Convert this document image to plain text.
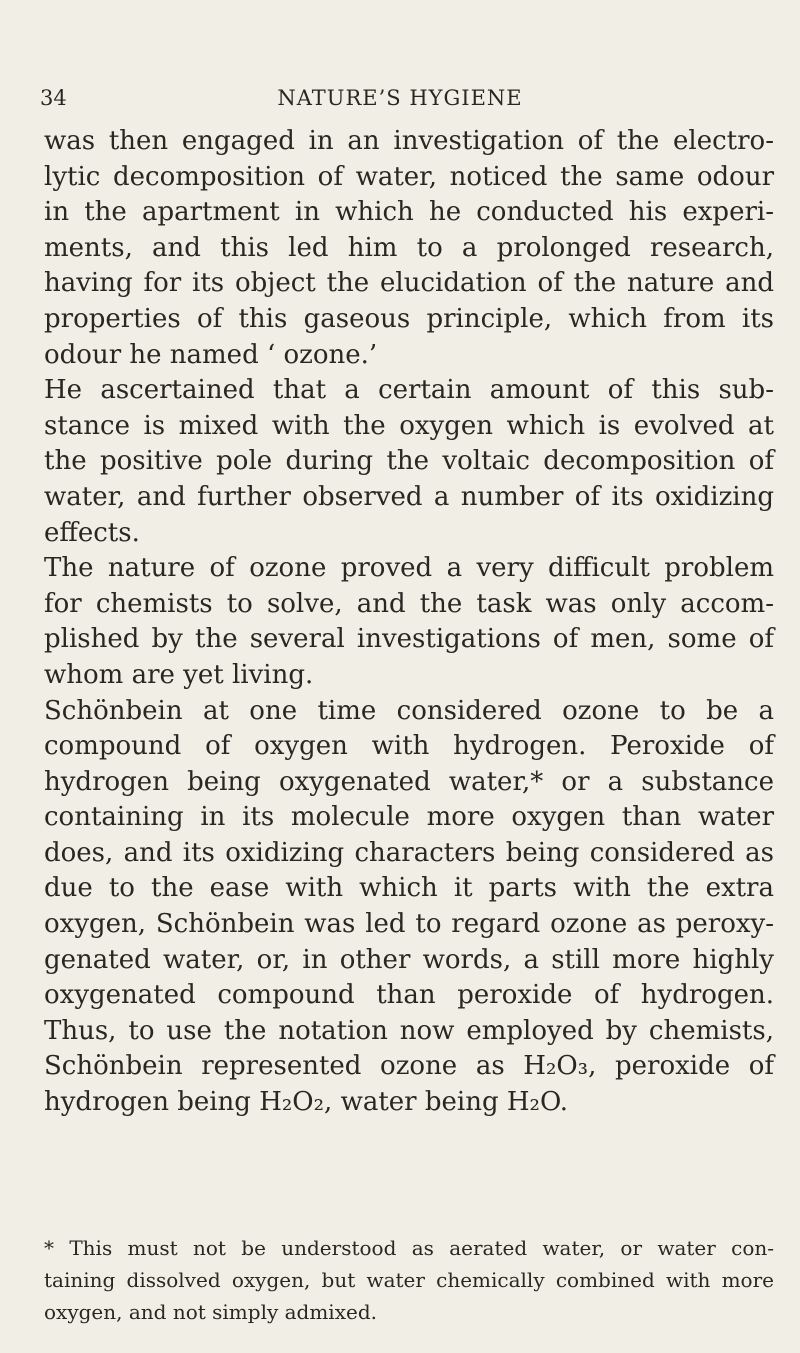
34	NATURE’S HYGIENE
was then engaged in an investigation of the electro-
lytic decomposition of water, noticed the same odour
in the apartment in which he conducted his experi-
ments, and this led him to a prolonged research,
having for its object the elucidation of the nature and
properties of this gaseous principle, which from its
odour he named ‘ ozone.’
He ascertained that a certain amount of this sub-
stance is mixed with the oxygen which is evolved at
the positive pole during the voltaic decomposition of
water, and further observed a number of its oxidizing
effects.
The nature of ozone proved a very difficult problem
for chemists to solve, and the task was only accom-
plished by the several investigations of men, some of
whom are yet living.
Schönbein at one time considered ozone to be a
compound of oxygen with hydrogen. Peroxide of
hydrogen being oxygenated water,* or a substance
containing in its molecule more oxygen than water
does, and its oxidizing characters being considered as
due to the ease with which it parts with the extra
oxygen, Schönbein was led to regard ozone as peroxy-
genated water, or, in other words, a still more highly
oxygenated compound than peroxide of hydrogen.
Thus, to use the notation now employed by chemists,
Schönbein represented ozone as H₂O₃, peroxide of
hydrogen being H₂O₂, water being H₂O.
* This must not be understood as aerated water, or water con-
taining dissolved oxygen, but water chemically combined with more
oxygen, and not simply admixed.
